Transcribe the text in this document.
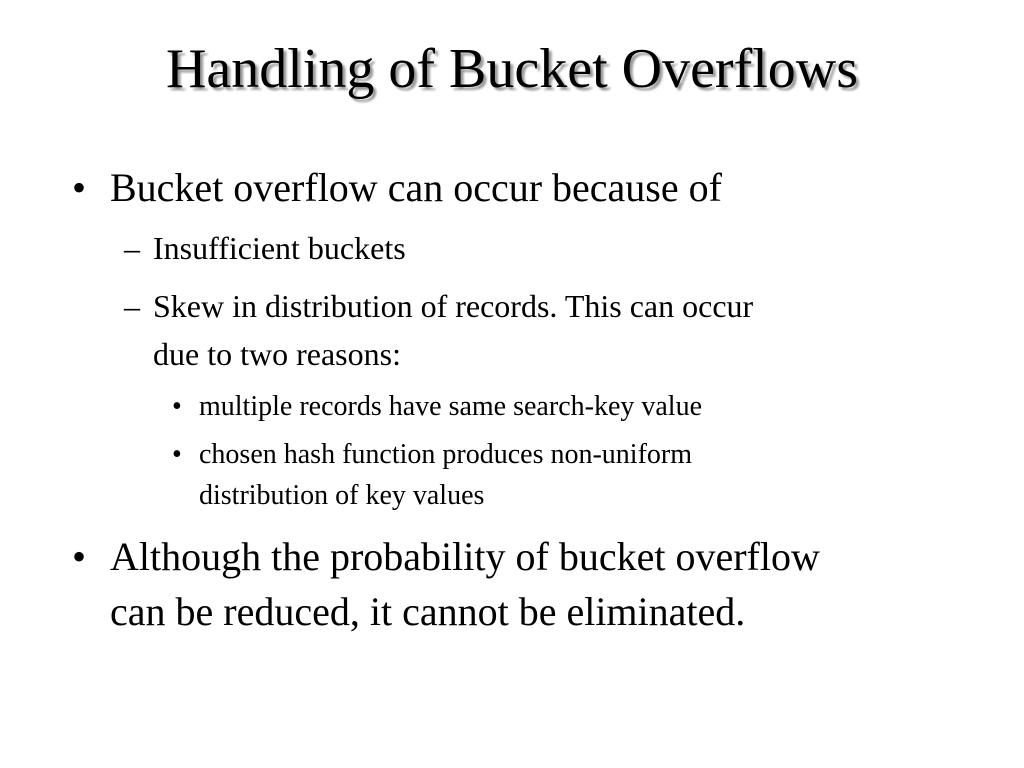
Handling of Bucket Overflows
• Bucket overflow can occur because of
– Insufficient buckets
– Skew in distribution of records. This can occur
due to two reasons:
• multiple records have same search-key value
• chosen hash function produces non-uniform
distribution of key values
• Although the probability of bucket overflow
can be reduced, it cannot be eliminated.
